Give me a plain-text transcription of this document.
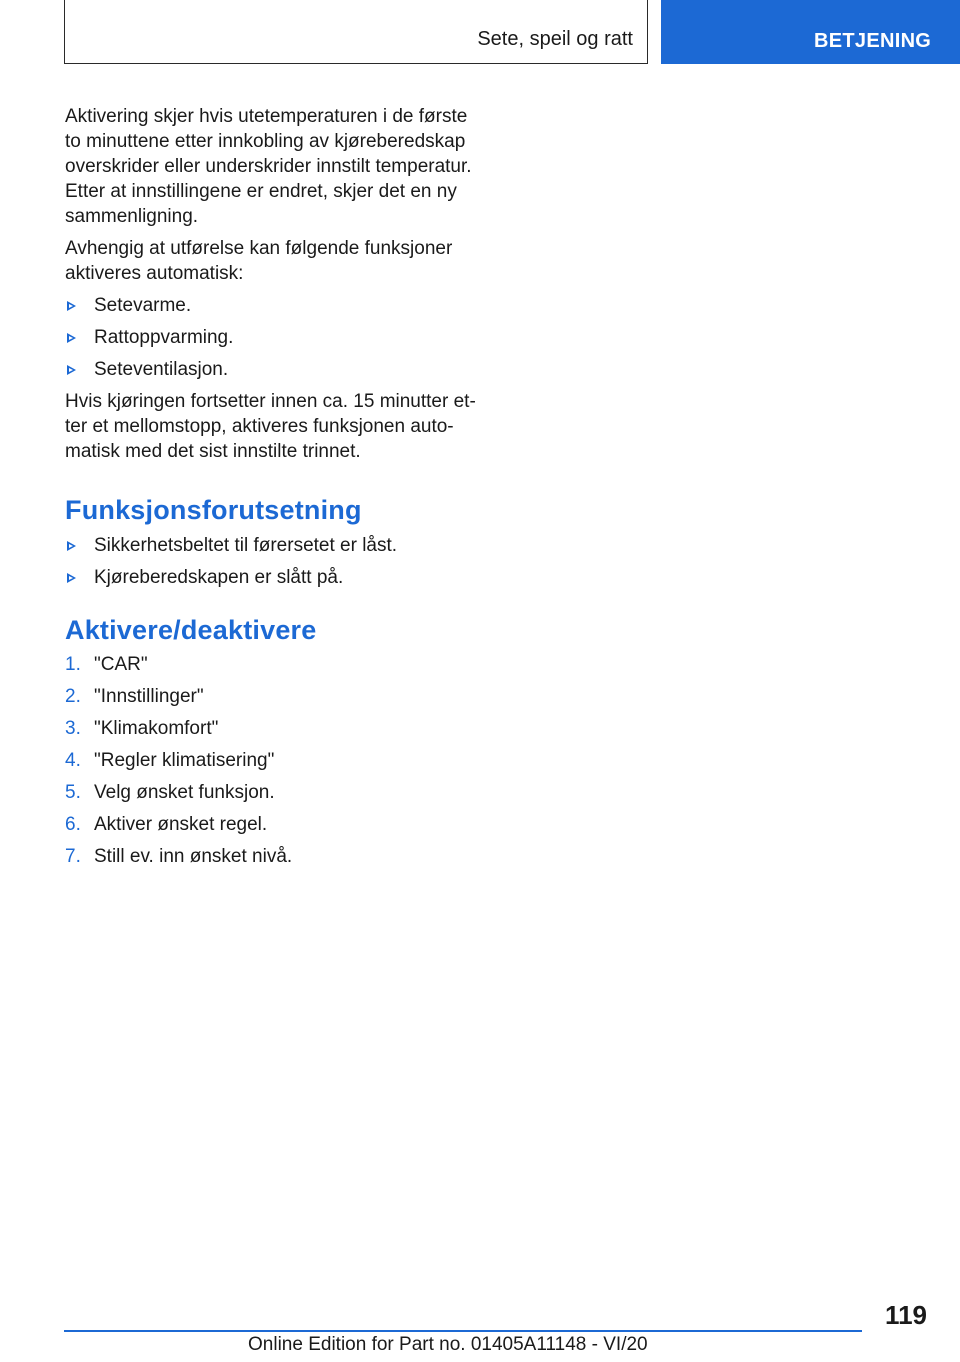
Sete, speil og ratt	BETJENING

Aktivering skjer hvis utetemperaturen i de første to minuttene etter innkobling av kjøreberedskap overskrider eller underskrider innstilt temperatur. Etter at innstillingene er endret, skjer det en ny sammenligning.

Avhengig at utførelse kan følgende funksjoner aktiveres automatisk:

Setevarme.
Rattoppvarming.
Seteventilasjon.

Hvis kjøringen fortsetter innen ca. 15 minutter et-ter et mellomstopp, aktiveres funksjonen auto-matisk med det sist innstilte trinnet.

Funksjonsforutsetning
Sikkerhetsbeltet til førersetet er låst.
Kjøreberedskapen er slått på.
Aktivere/deaktivere
1. "CAR"
2. "Innstillinger"
3. "Klimakomfort"
4. "Regler klimatisering"
5. Velg ønsket funksjon.
6. Aktiver ønsket regel.
7. Still ev. inn ønsket nivå.
119
Online Edition for Part no. 01405A11148 - VI/20
